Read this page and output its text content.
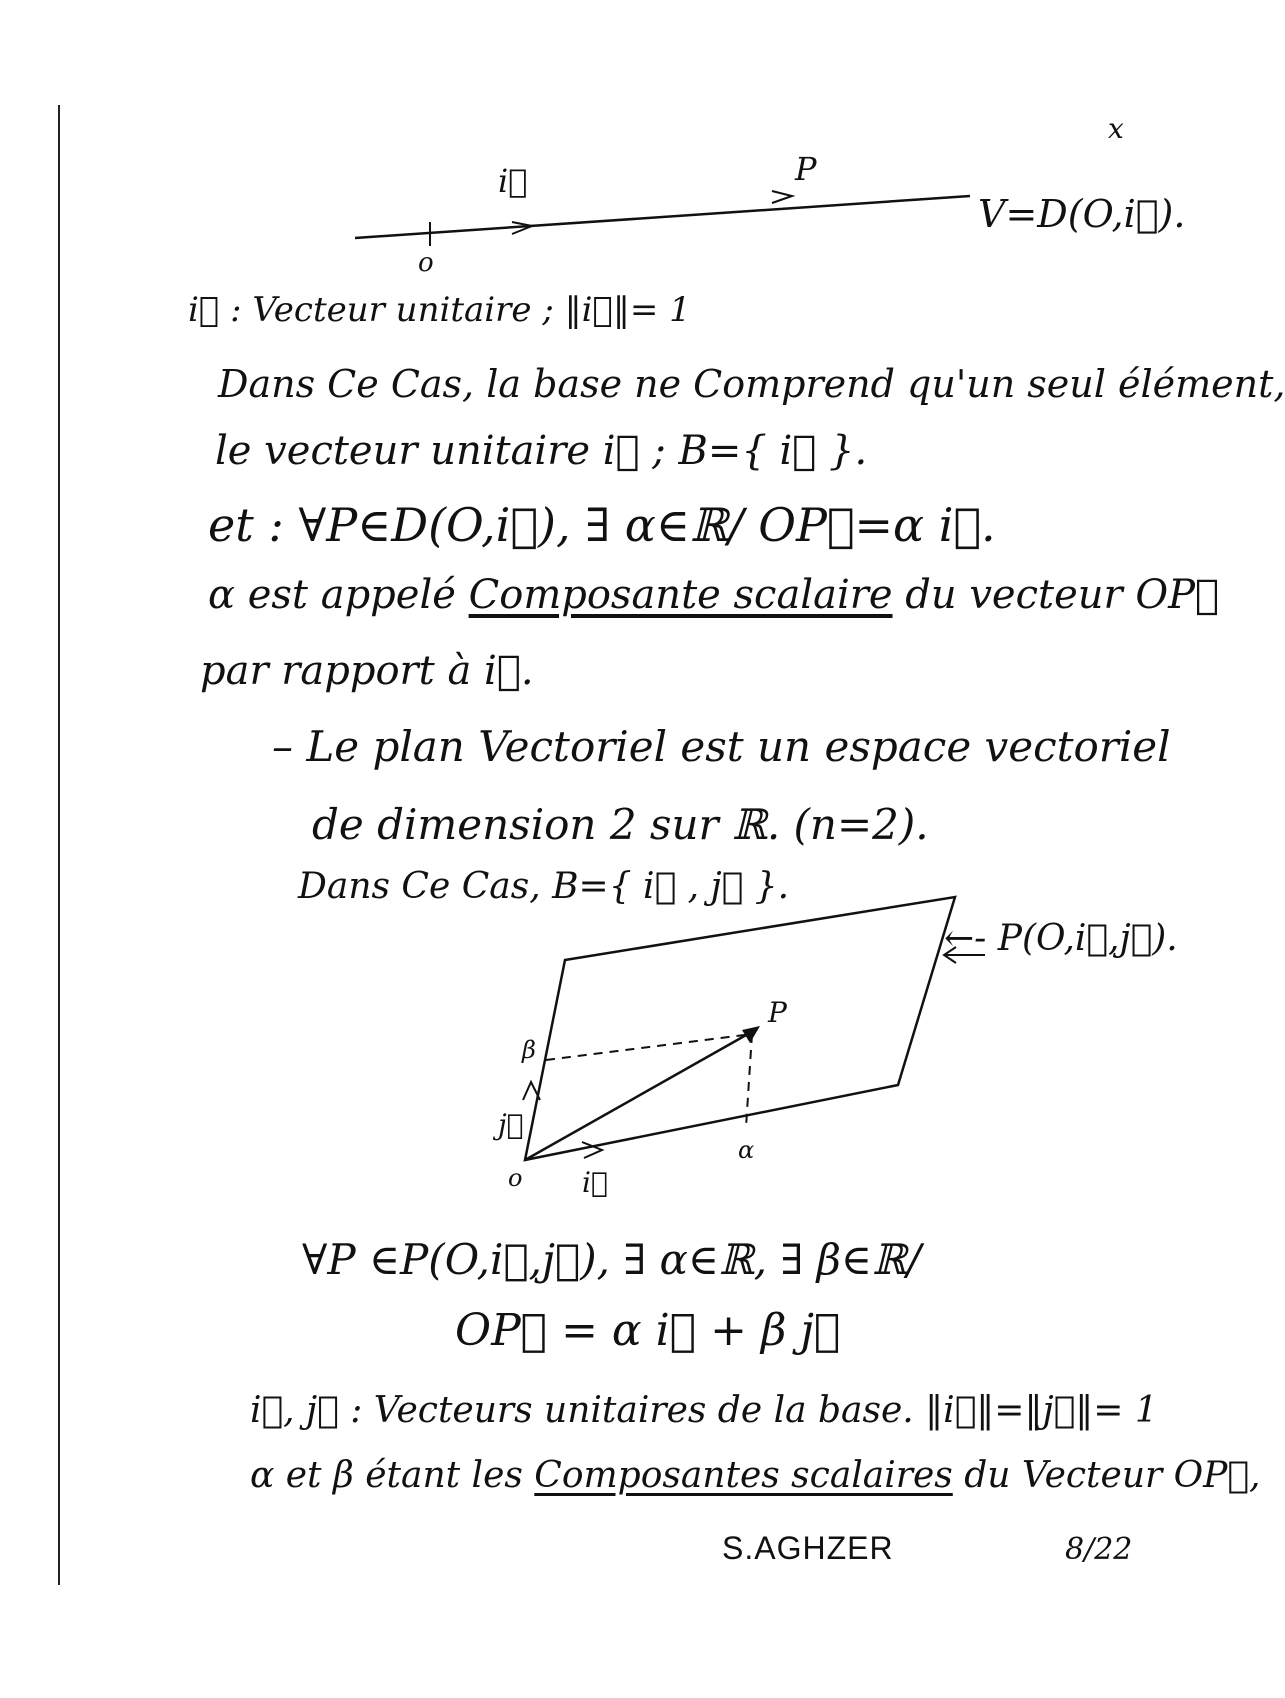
x
o
i⃗	P
V=D(O,i⃗).
i⃗ : Vecteur unitaire ; ‖i⃗‖= 1
Dans Ce Cas, la base ne Comprend qu'un seul élément,
le vecteur unitaire i⃗ ; B={ i⃗ }.
et : ∀P∈D(O,i⃗), ∃ α∈ℝ/ OP⃗=α i⃗.
α est appelé Composante scalaire du vecteur OP⃗
par rapport à i⃗.
– Le plan Vectoriel est un espace vectoriel
de dimension 2 sur ℝ. (n=2).
Dans Ce Cas, B={ i⃗ , j⃗ }.
←- P(O,i⃗,j⃗).
P
β
α
o i⃗
j⃗
∀P ∈P(O,i⃗,j⃗), ∃ α∈ℝ, ∃ β∈ℝ/
OP⃗ = α i⃗ + β j⃗
i⃗, j⃗ : Vecteurs unitaires de la base. ‖i⃗‖=‖j⃗‖= 1
α et β étant les Composantes scalaires du Vecteur OP⃗,
S.AGHZER	8/22
